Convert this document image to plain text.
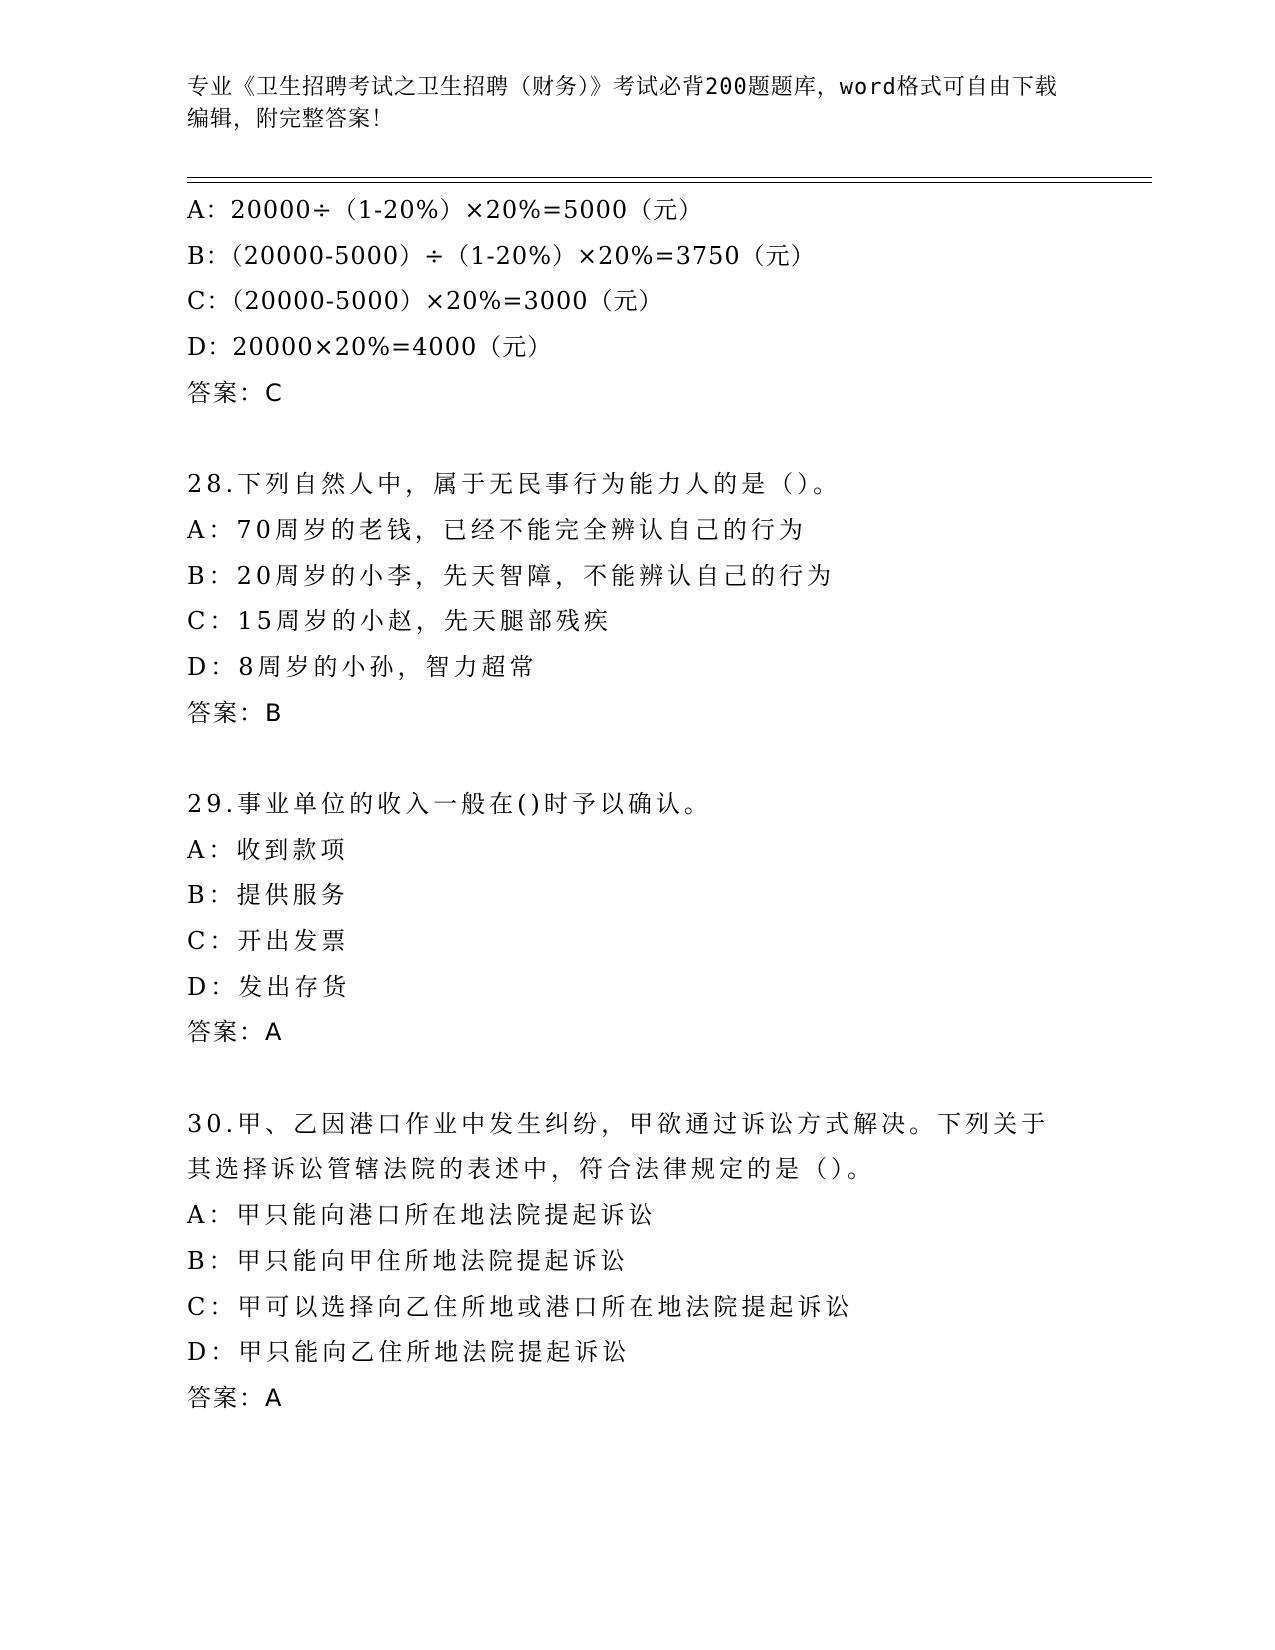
专业《卫生招聘考试之卫生招聘（财务）》考试必背200题题库，word格式可自由下载编辑，附完整答案！
A：20000÷（1-20%）×20%=5000（元）
B：（20000-5000）÷（1-20%）×20%=3750（元）
C：（20000-5000）×20%=3000（元）
D：20000×20%=4000（元）
答案：C
28.下列自然人中，属于无民事行为能力人的是（）。
A：70周岁的老钱，已经不能完全辨认自己的行为
B：20周岁的小李，先天智障，不能辨认自己的行为
C：15周岁的小赵，先天腿部残疾
D：8周岁的小孙，智力超常
答案：B
29.事业单位的收入一般在()时予以确认。
A：收到款项
B：提供服务
C：开出发票
D：发出存货
答案：A
30.甲、乙因港口作业中发生纠纷，甲欲通过诉讼方式解决。下列关于
其选择诉讼管辖法院的表述中，符合法律规定的是（）。
A：甲只能向港口所在地法院提起诉讼
B：甲只能向甲住所地法院提起诉讼
C：甲可以选择向乙住所地或港口所在地法院提起诉讼
D：甲只能向乙住所地法院提起诉讼
答案：A
